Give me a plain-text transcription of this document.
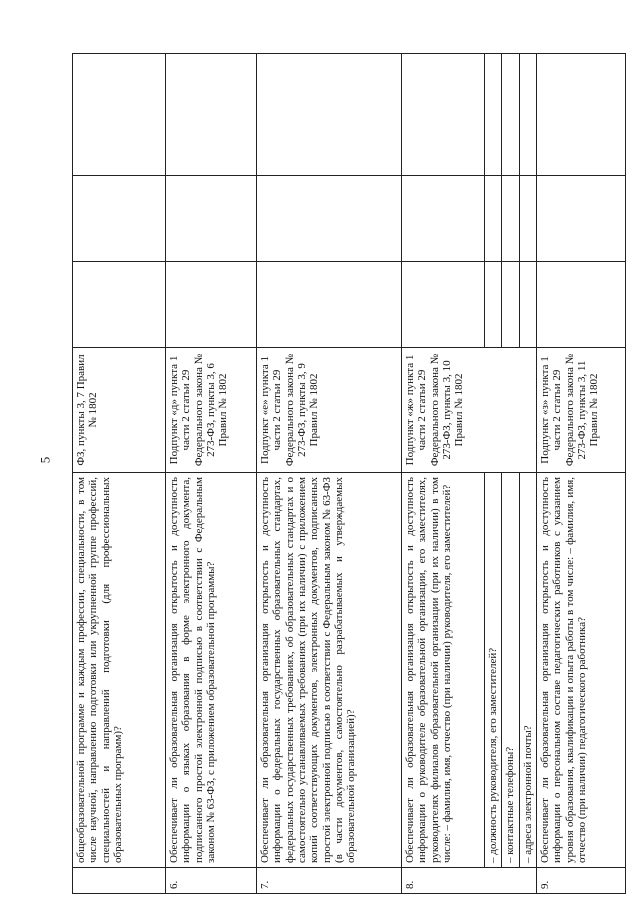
5
	общеобразовательной программе и каждым профессии, специальности, в том числе научной, направлению подготовки или укрупненной группе профессий, специальностей и направлений подготовки (для профессиональных образовательных программ)?	ФЗ, пункты 3, 7 Правил № 1802			
6.	Обеспечивает ли образовательная организация открытость и доступность информации о языках образования в форме электронного документа, подписанного простой электронной подписью в соответствии с Федеральным законом № 63-ФЗ, с приложением образовательной программы?	Подпункт «д» пункта 1 части 2 статьи 29 Федерального закона № 273-ФЗ, пункты 3, 6 Правил № 1802			
7.	Обеспечивает ли образовательная организация открытость и доступность информации о федеральных государственных образовательных стандартах, федеральных государственных требованиях, об образовательных стандартах и о самостоятельно устанавливаемых требованиях (при их наличии) с приложением копий соответствующих документов, электронных документов, подписанных простой электронной подписью в соответствии с Федеральным законом № 63-ФЗ (в части документов, самостоятельно разрабатываемых и утверждаемых образовательной организацией)?	Подпункт «е» пункта 1 части 2 статьи 29 Федерального закона № 273-ФЗ, пункты 3, 9 Правил № 1802			
8.	Обеспечивает ли образовательная организация открытость и доступность информации о руководителе образовательной организации, его заместителях, руководителях филиалов образовательной организации (при их наличии) в том числе: – фамилия, имя, отчество (при наличии) руководителя, его заместителей?	Подпункт «ж» пункта 1 части 2 статьи 29 Федерального закона № 273-ФЗ, пункты 3, 10 Правил № 1802			
	– должность руководителя, его заместителей?				
	– контактные телефоны?				
	– адреса электронной почты?				
9.	Обеспечивает ли образовательная организация открытость и доступность информации о персональном составе педагогических работников с указанием уровня образования, квалификации и опыта работы в том числе: – фамилия, имя, отчество (при наличии) педагогического работника?	Подпункт «з» пункта 1 части 2 статьи 29 Федерального закона № 273-ФЗ, пункты 3, 11 Правил № 1802			
